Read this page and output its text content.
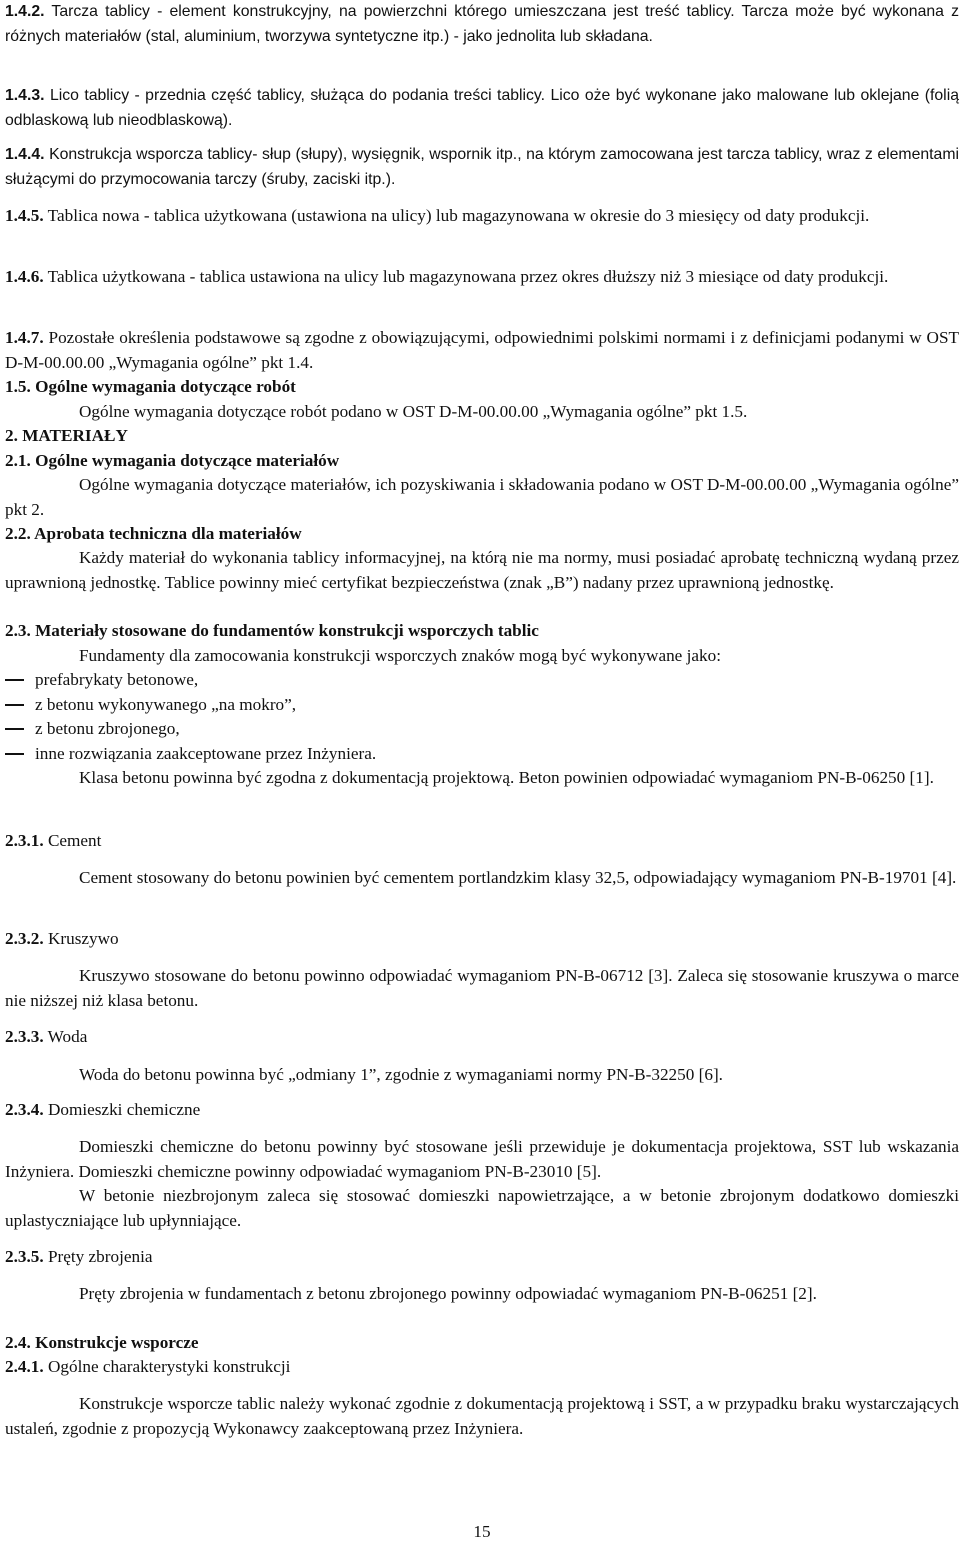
1.4.2. Tarcza tablicy - element konstrukcyjny, na powierzchni którego umieszczana jest treść tablicy. Tarcza może być wykonana z różnych materiałów (stal, aluminium, tworzywa syntetyczne itp.) - jako jednolita lub składana.
1.4.3. Lico tablicy - przednia część tablicy, służąca do podania treści tablicy. Lico oże być wykonane jako malowane lub oklejane (folią odblaskową lub nieodblaskową).
1.4.4. Konstrukcja wsporcza tablicy- słup (słupy), wysięgnik, wspornik itp., na którym zamocowana jest tarcza tablicy, wraz z elementami służącymi do przymocowania tarczy (śruby, zaciski itp.).
1.4.5. Tablica nowa - tablica użytkowana (ustawiona na ulicy) lub magazynowana w okresie do 3 miesięcy od daty produkcji.
1.4.6. Tablica użytkowana - tablica ustawiona na ulicy lub magazynowana przez okres dłuższy niż 3 miesiące od daty produkcji.
1.4.7. Pozostałe określenia podstawowe są zgodne z obowiązującymi, odpowiednimi polskimi normami i z definicjami podanymi w OST D-M-00.00.00 „Wymagania ogólne” pkt 1.4.
1.5. Ogólne wymagania dotyczące robót
Ogólne wymagania dotyczące robót podano w OST D-M-00.00.00 „Wymagania ogólne” pkt 1.5.
2. MATERIAŁY
2.1. Ogólne wymagania dotyczące materiałów
Ogólne wymagania dotyczące materiałów, ich pozyskiwania i składowania podano w OST D-M-00.00.00 „Wymagania ogólne” pkt 2.
2.2. Aprobata techniczna dla materiałów
Każdy materiał do wykonania tablicy informacyjnej, na którą nie ma normy, musi posiadać aprobatę techniczną wydaną przez uprawnioną jednostkę. Tablice powinny mieć certyfikat bezpieczeństwa (znak „B”) nadany przez uprawnioną jednostkę.
2.3. Materiały stosowane do fundamentów konstrukcji wsporczych tablic
Fundamenty dla zamocowania konstrukcji wsporczych znaków mogą być wykonywane jako:
prefabrykaty betonowe,
z betonu wykonywanego „na mokro”,
z betonu zbrojonego,
inne rozwiązania zaakceptowane przez Inżyniera.
Klasa betonu powinna być zgodna z dokumentacją projektową. Beton powinien odpowiadać wymaganiom PN-B-06250 [1].
2.3.1. Cement
Cement stosowany do betonu powinien być cementem portlandzkim klasy 32,5, odpowiadający wymaganiom PN-B-19701 [4].
2.3.2. Kruszywo
Kruszywo stosowane do betonu powinno odpowiadać wymaganiom PN-B-06712 [3]. Zaleca się stosowanie kruszywa o marce nie niższej niż klasa betonu.
2.3.3. Woda
Woda do betonu powinna być „odmiany 1”, zgodnie z wymaganiami normy PN-B-32250 [6].
2.3.4. Domieszki chemiczne
Domieszki chemiczne do betonu powinny być stosowane jeśli przewiduje je dokumentacja projektowa, SST lub wskazania Inżyniera. Domieszki chemiczne powinny odpowiadać wymaganiom PN-B-23010 [5].
W betonie niezbrojonym zaleca się stosować domieszki napowietrzające, a w betonie zbrojonym dodatkowo domieszki uplastyczniające lub upłynniające.
2.3.5. Pręty zbrojenia
Pręty zbrojenia w fundamentach z betonu zbrojonego powinny odpowiadać wymaganiom PN-B-06251 [2].
2.4. Konstrukcje wsporcze
2.4.1. Ogólne charakterystyki konstrukcji
Konstrukcje wsporcze tablic należy wykonać zgodnie z dokumentacją projektową i SST, a w przypadku braku wystarczających ustaleń, zgodnie z propozycją Wykonawcy zaakceptowaną przez Inżyniera.
15
